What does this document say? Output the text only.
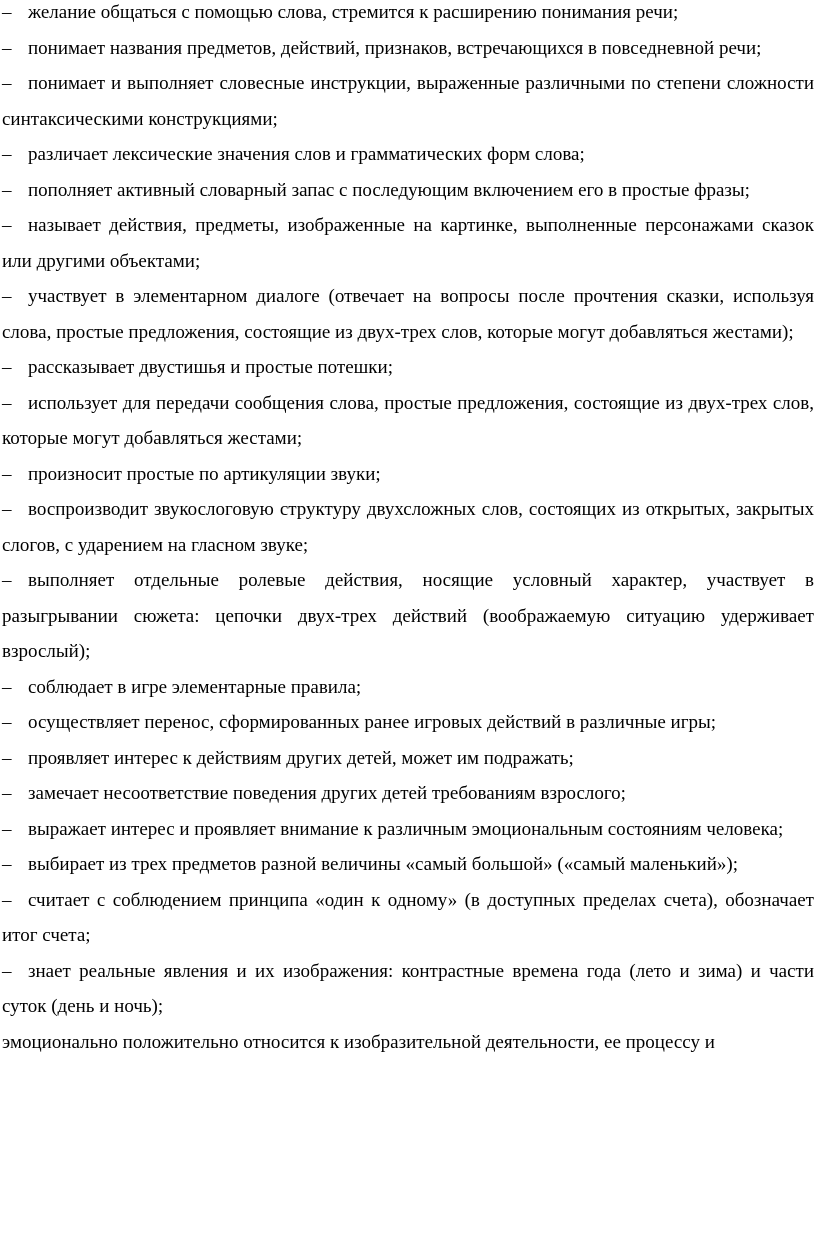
– желание общаться с помощью слова, стремится к расширению понимания речи;

– понимает названия предметов, действий, признаков, встречающихся в повседневной речи;

– понимает и выполняет словесные инструкции, выраженные различными по степени сложности синтаксическими конструкциями;

– различает лексические значения слов и грамматических форм слова;

– пополняет активный словарный запас с последующим включением его в простые фразы;

– называет действия, предметы, изображенные на картинке, выполненные персонажами сказок или другими объектами;

– участвует в элементарном диалоге (отвечает на вопросы после прочтения сказки, используя слова, простые предложения, состоящие из двух-трех слов, которые могут добавляться жестами);

– рассказывает двустишья и простые потешки;

– использует для передачи сообщения слова, простые предложения, состоящие из двух-трех слов, которые могут добавляться жестами;

– произносит простые по артикуляции звуки;

– воспроизводит звукослоговую структуру двухсложных слов, состоящих из открытых, закрытых слогов, с ударением на гласном звуке;

– выполняет отдельные ролевые действия, носящие условный характер, участвует в разыгрывании сюжета: цепочки двух-трех действий (воображаемую ситуацию удерживает взрослый);

– соблюдает в игре элементарные правила;

– осуществляет перенос, сформированных ранее игровых действий в различные игры;

– проявляет интерес к действиям других детей, может им подражать;

– замечает несоответствие поведения других детей требованиям взрослого;

– выражает интерес и проявляет внимание к различным эмоциональным состояниям человека;

– выбирает из трех предметов разной величины «самый большой» («самый маленький»);

– считает с соблюдением принципа «один к одному» (в доступных пределах счета), обозначает итог счета;

– знает реальные явления и их изображения: контрастные времена года (лето и зима) и части суток (день и ночь);

эмоционально положительно относится к изобразительной деятельности, ее процессу и
